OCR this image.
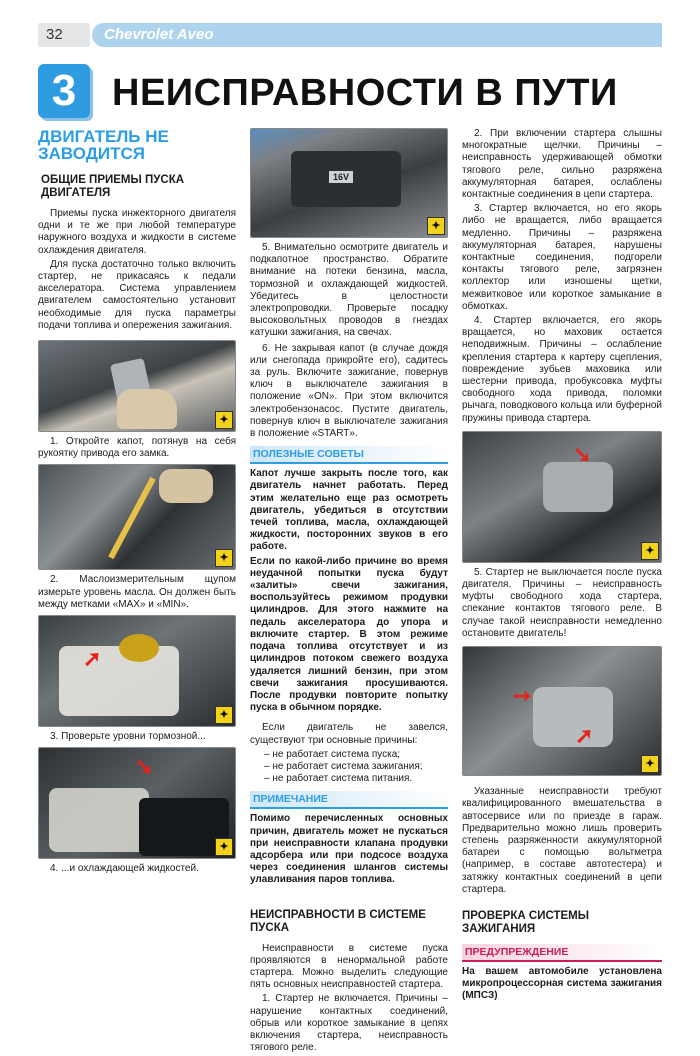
32	Chevrolet Aveo
3 НЕИСПРАВНОСТИ В ПУТИ
ДВИГАТЕЛЬ НЕ ЗАВОДИТСЯ
ОБЩИЕ ПРИЕМЫ ПУСКА ДВИГАТЕЛЯ

Приемы пуска инжекторного двигателя одни и те же при любой температуре наружного воздуха и жидкости в системе охлаждения двигателя.

Для пуска достаточно только включить стартер, не прикасаясь к педали акселератора. Система управлением двигателем самостоятельно установит необходимые для пуска параметры подачи топлива и опережения зажигания.

✦

1. Откройте капот, потянув на себя рукоятку привода его замка.

✦

2. Маслоизмерительным щупом измерьте уровень масла. Он должен быть между метками «MAX» и «MIN».

➚
✦

3. Проверьте уровни тормозной...

➘
✦

4. ...и охлаждающей жидкостей.

16V
✦

5. Внимательно осмотрите двигатель и подкапотное пространство. Обратите внимание на потеки бензина, масла, тормозной и охлаждающей жидкостей. Убедитесь в целостности электропроводки. Проверьте посадку высоковольтных проводов в гнездах катушки зажигания, на свечах.

6. Не закрывая капот (в случае дождя или снегопада прикройте его), садитесь за руль. Включите зажигание, повернув ключ в выключателе зажигания в положение «ON». При этом включится электробензонасос. Пустите двигатель, повернув ключ в выключателе зажигания в положение «START».

ПОЛЕЗНЫЕ СОВЕТЫ

Капот лучше закрыть после того, как двигатель начнет работать. Перед этим желательно еще раз осмотреть двигатель, убедиться в отсутствии течей топлива, масла, охлаждающей жидкости, посторонних звуков в его работе.

Если по какой-либо причине во время неудачной попытки пуска будут «залиты» свечи зажигания, воспользуйтесь режимом продувки цилиндров. Для этого нажмите на педаль акселератора до упора и включите стартер. В этом режиме подача топлива отсутствует и из цилиндров потоком свежего воздуха удаляется лишний бензин, при этом свечи зажигания просушиваются. После продувки повторите попытку пуска в обычном порядке.

Если двигатель не завелся, существуют три основные причины:

– не работает система пуска;
– не работает система зажигания;
– не работает система питания.
ПРИМЕЧАНИЕ

Помимо перечисленных основных причин, двигатель может не пускаться при неисправности клапана продувки адсорбера или при подсосе воздуха через соединения шлангов системы улавливания паров топлива.

НЕИСПРАВНОСТИ В СИСТЕМЕ ПУСКА

Неисправности в системе пуска проявляются в ненормальной работе стартера. Можно выделить следующие пять основных неисправностей стартера.

1. Стартер не включается. Причины – нарушение контактных соединений, обрыв или короткое замыкание в цепях включения стартера, неисправность тягового реле.

2. При включении стартера слышны многократные щелчки. Причины – неисправность удерживающей обмотки тягового реле, сильно разряжена аккумуляторная батарея, ослаблены контактные соединения в цепи стартера.

3. Стартер включается, но его якорь либо не вращается, либо вращается медленно. Причины – разряжена аккумуляторная батарея, нарушены контактные соединения, подгорели контакты тягового реле, загрязнен коллектор или изношены щетки, межвитковое или короткое замыкание в обмотках.

4. Стартер включается, его якорь вращается, но маховик остается неподвижным. Причины – ослабление крепления стартера к картеру сцепления, повреждение зубьев маховика или шестерни привода, пробуксовка муфты свободного хода привода, поломки рычага, поводкового кольца или буферной пружины привода стартера.

➘
✦

5. Стартер не выключается после пуска двигателя. Причины – неисправность муфты свободного хода стартера, спекание контактов тягового реле. В случае такой неисправности немедленно остановите двигатель!

➙
➚
✦

Указанные неисправности требуют квалифицированного вмешательства в автосервисе или по приезде в гараж. Предварительно можно лишь проверить степень разряженности аккумуляторной батареи с помощью вольтметра (например, в составе автотестера) и затяжку контактных соединений в цепи стартера.

ПРОВЕРКА СИСТЕМЫ ЗАЖИГАНИЯ
ПРЕДУПРЕЖДЕНИЕ

На вашем автомобиле установлена микропроцессорная система зажигания (МПСЗ)
